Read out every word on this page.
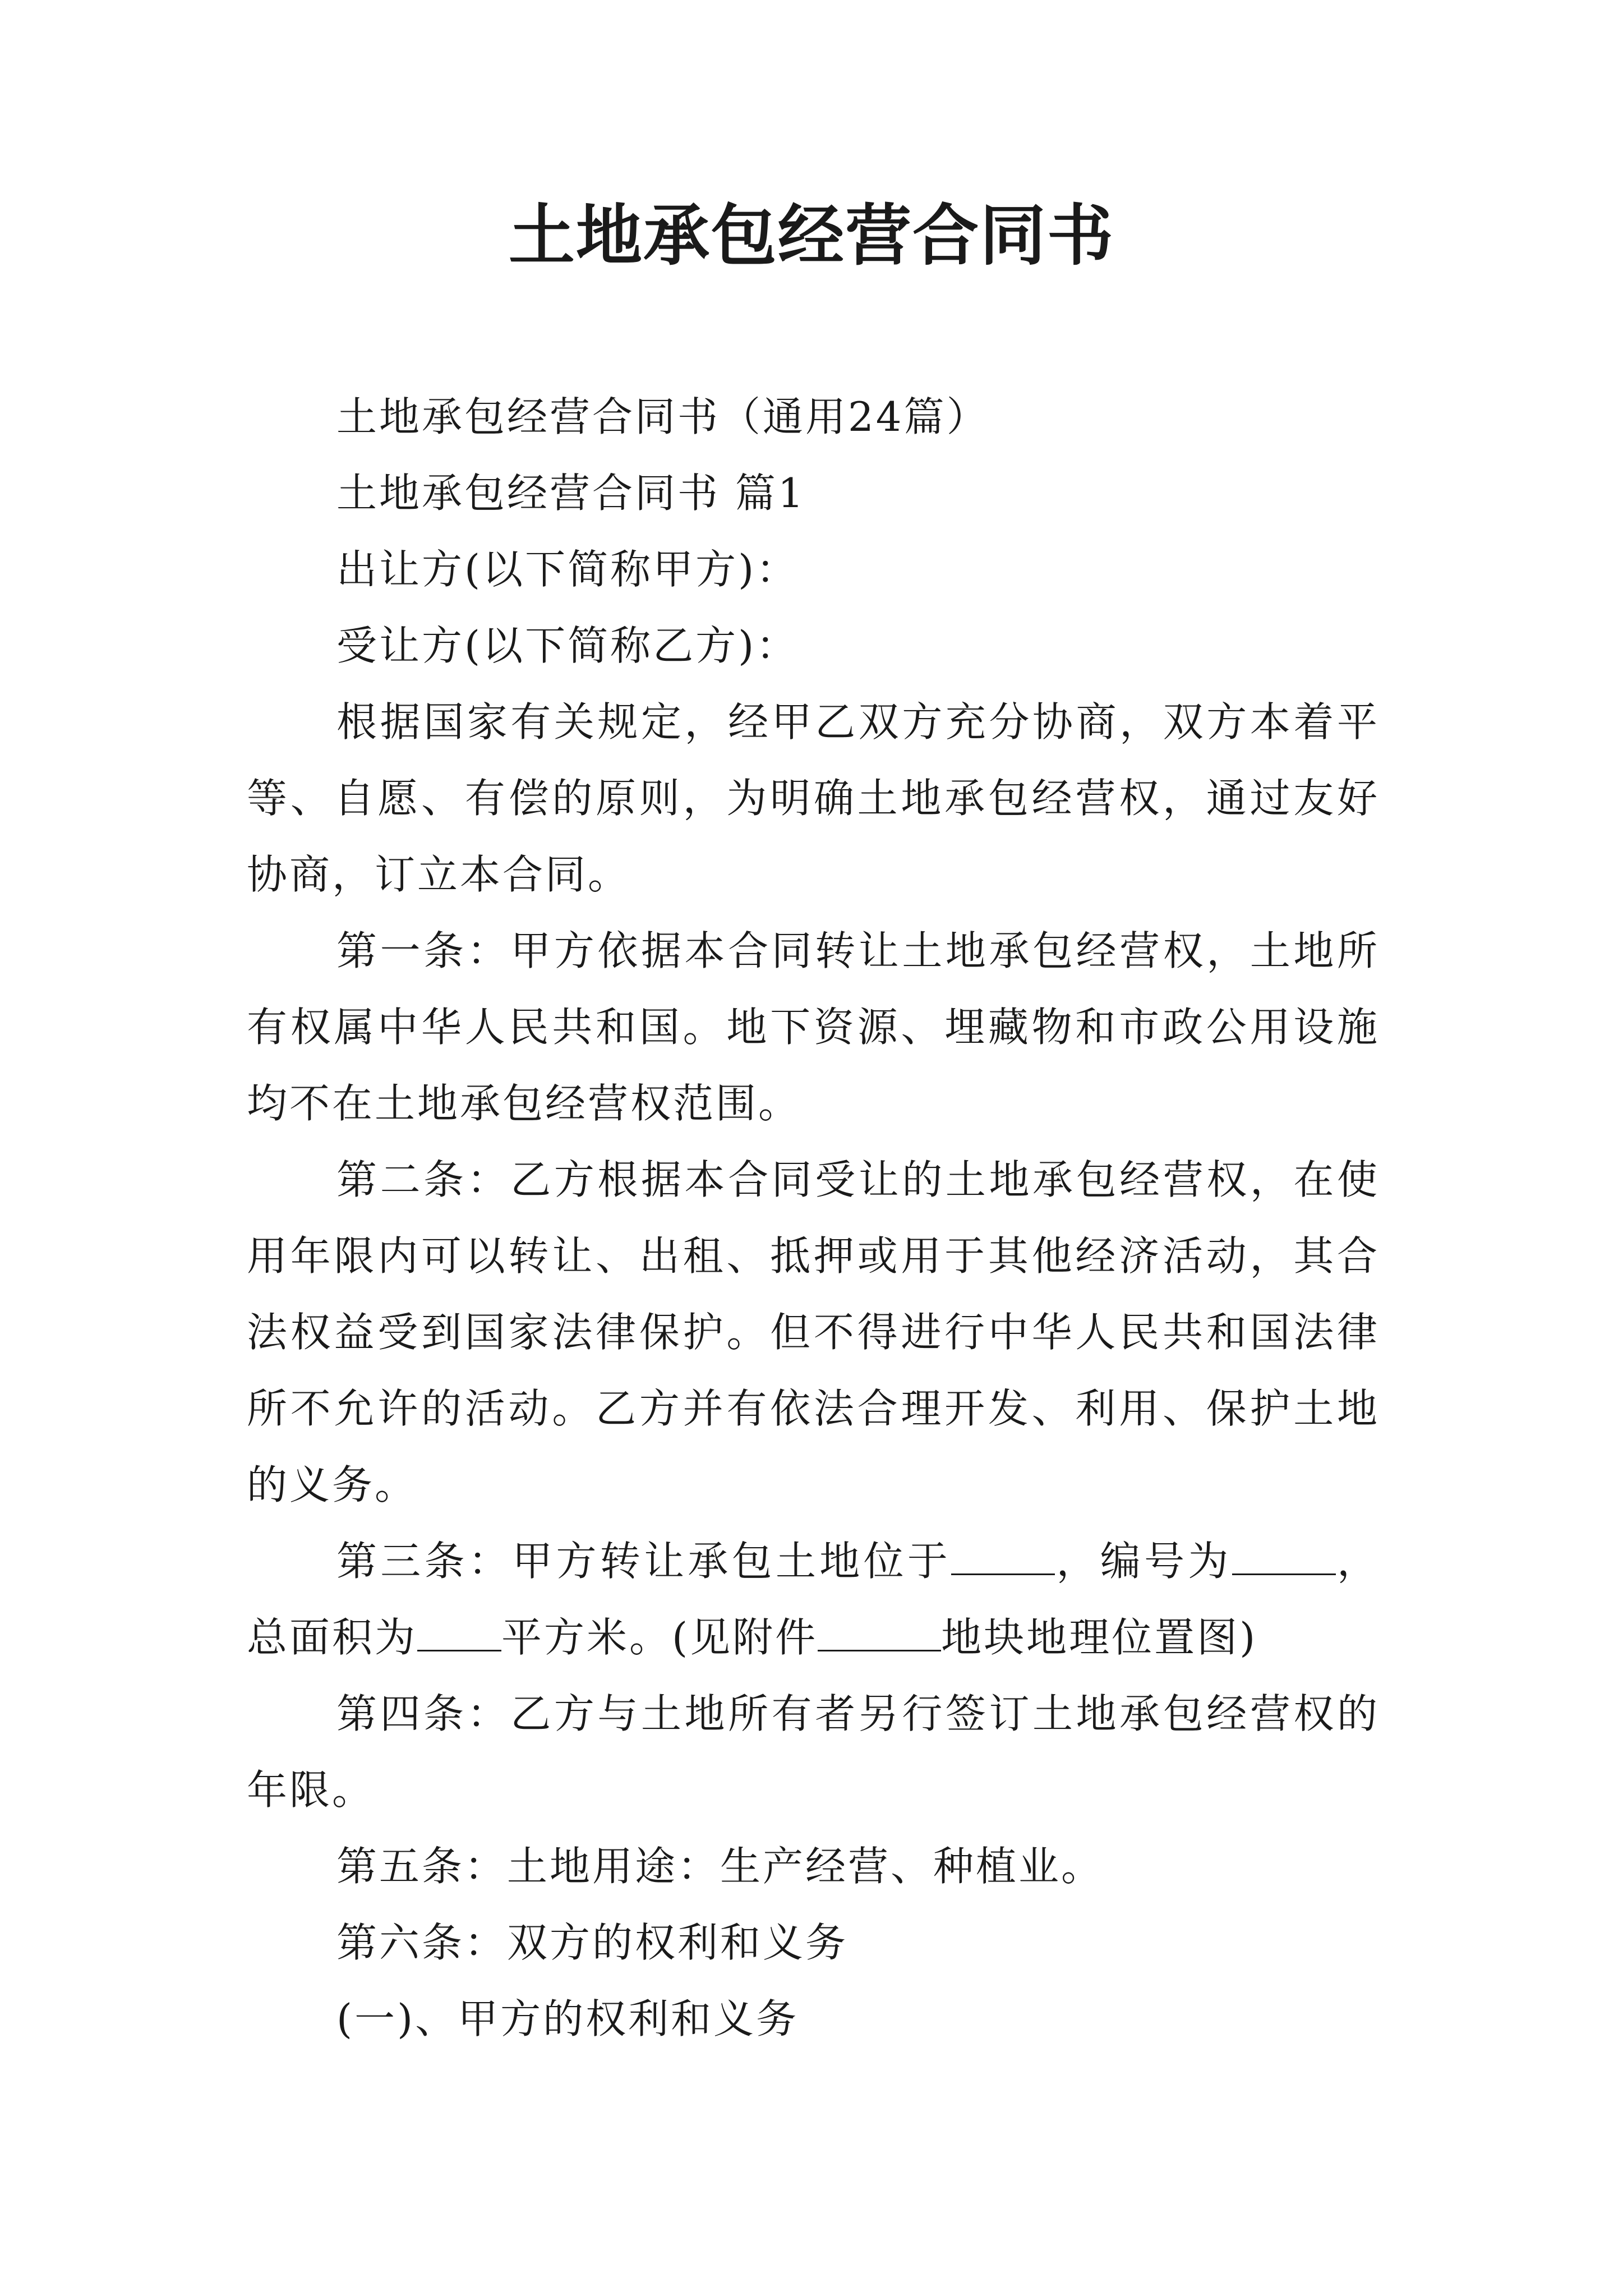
土地承包经营合同书

土地承包经营合同书（通用24篇）

土地承包经营合同书 篇1

出让方(以下简称甲方)：

受让方(以下简称乙方)：

根据国家有关规定，经甲乙双方充分协商，双方本着平等、自愿、有偿的原则，为明确土地承包经营权，通过友好协商，订立本合同。

第一条：甲方依据本合同转让土地承包经营权，土地所有权属中华人民共和国。地下资源、埋藏物和市政公用设施均不在土地承包经营权范围。

第二条：乙方根据本合同受让的土地承包经营权，在使用年限内可以转让、出租、抵押或用于其他经济活动，其合法权益受到国家法律保护。但不得进行中华人民共和国法律所不允许的活动。乙方并有依法合理开发、利用、保护土地的义务。

第三条：甲方转让承包土地位于	，编号为	，总面积为 平方米。(见附件	地块地理位置图)

第四条：乙方与土地所有者另行签订土地承包经营权的年限。

第五条：土地用途：生产经营、种植业。

第六条：双方的权利和义务

(一)、甲方的权利和义务
